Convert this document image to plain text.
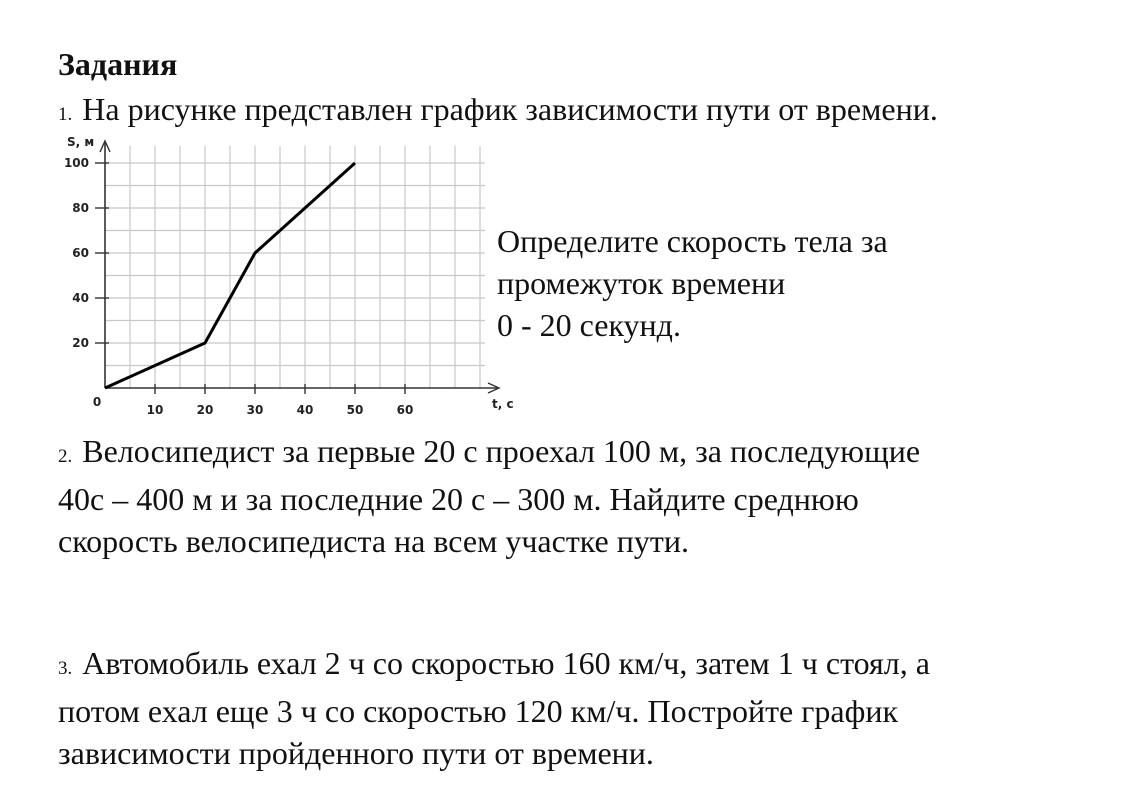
Задания

1. На рисунке представлен график зависимости пути от времени.

20
40
60
80
100
10	20	30	40	50	60
0
S, м
t, c

Определите скорость тела за
промежуток времени
0 - 20 секунд.

2. Велосипедист за первые 20 с проехал 100 м, за последующие
40с – 400 м и за последние 20 с – 300 м. Найдите среднюю
скорость велосипедиста на всем участке пути.

3. Автомобиль ехал 2 ч со скоростью 160 км/ч, затем 1 ч стоял, а
потом ехал еще 3 ч со скоростью 120 км/ч. Постройте график
зависимости пройденного пути от времени.
